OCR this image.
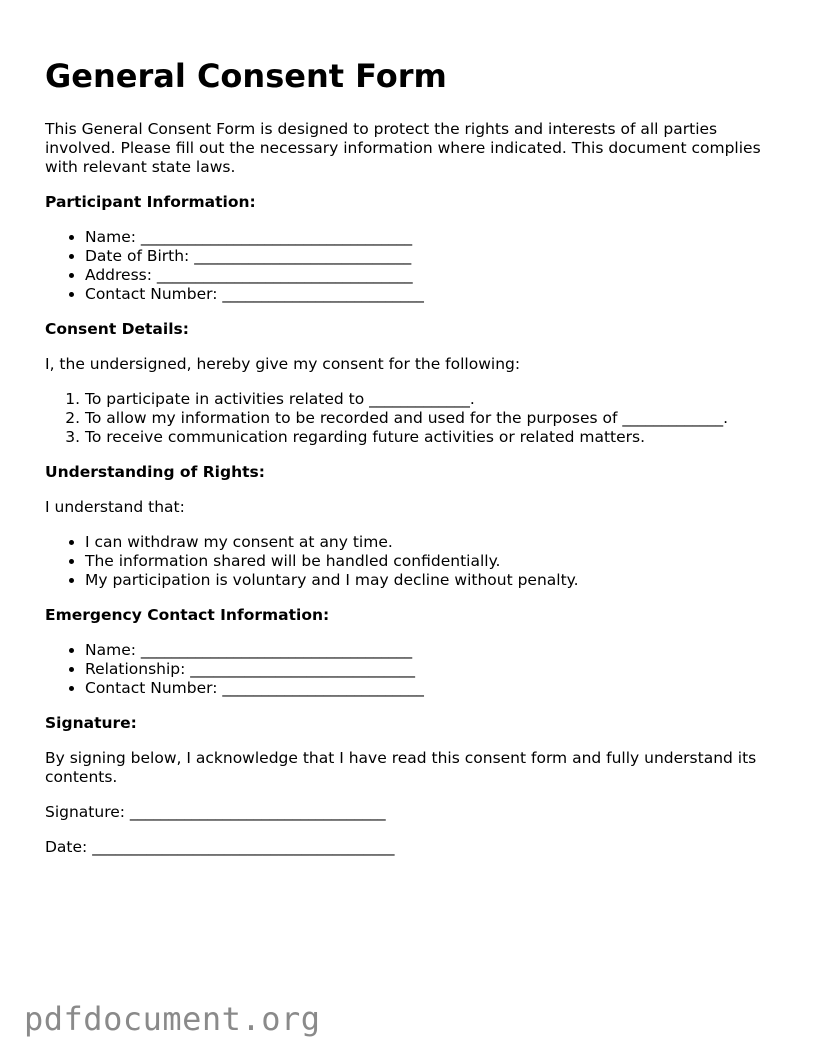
General Consent Form

This General Consent Form is designed to protect the rights and interests of all parties involved. Please fill out the necessary information where indicated. This document complies with relevant state laws.

Participant Information:
• Name: ___________________________________
• Date of Birth: ____________________________
• Address: _________________________________
• Contact Number: __________________________
Consent Details:

I, the undersigned, hereby give my consent for the following:

1. To participate in activities related to _____________.
2. To allow my information to be recorded and used for the purposes of _____________.
3. To receive communication regarding future activities or related matters.
Understanding of Rights:

I understand that:

• I can withdraw my consent at any time.
• The information shared will be handled confidentially.
• My participation is voluntary and I may decline without penalty.
Emergency Contact Information:
• Name: ___________________________________
• Relationship: _____________________________
• Contact Number: __________________________
Signature:

By signing below, I acknowledge that I have read this consent form and fully understand its contents.

Signature: _________________________________
Date: _______________________________________
pdfdocument.org
